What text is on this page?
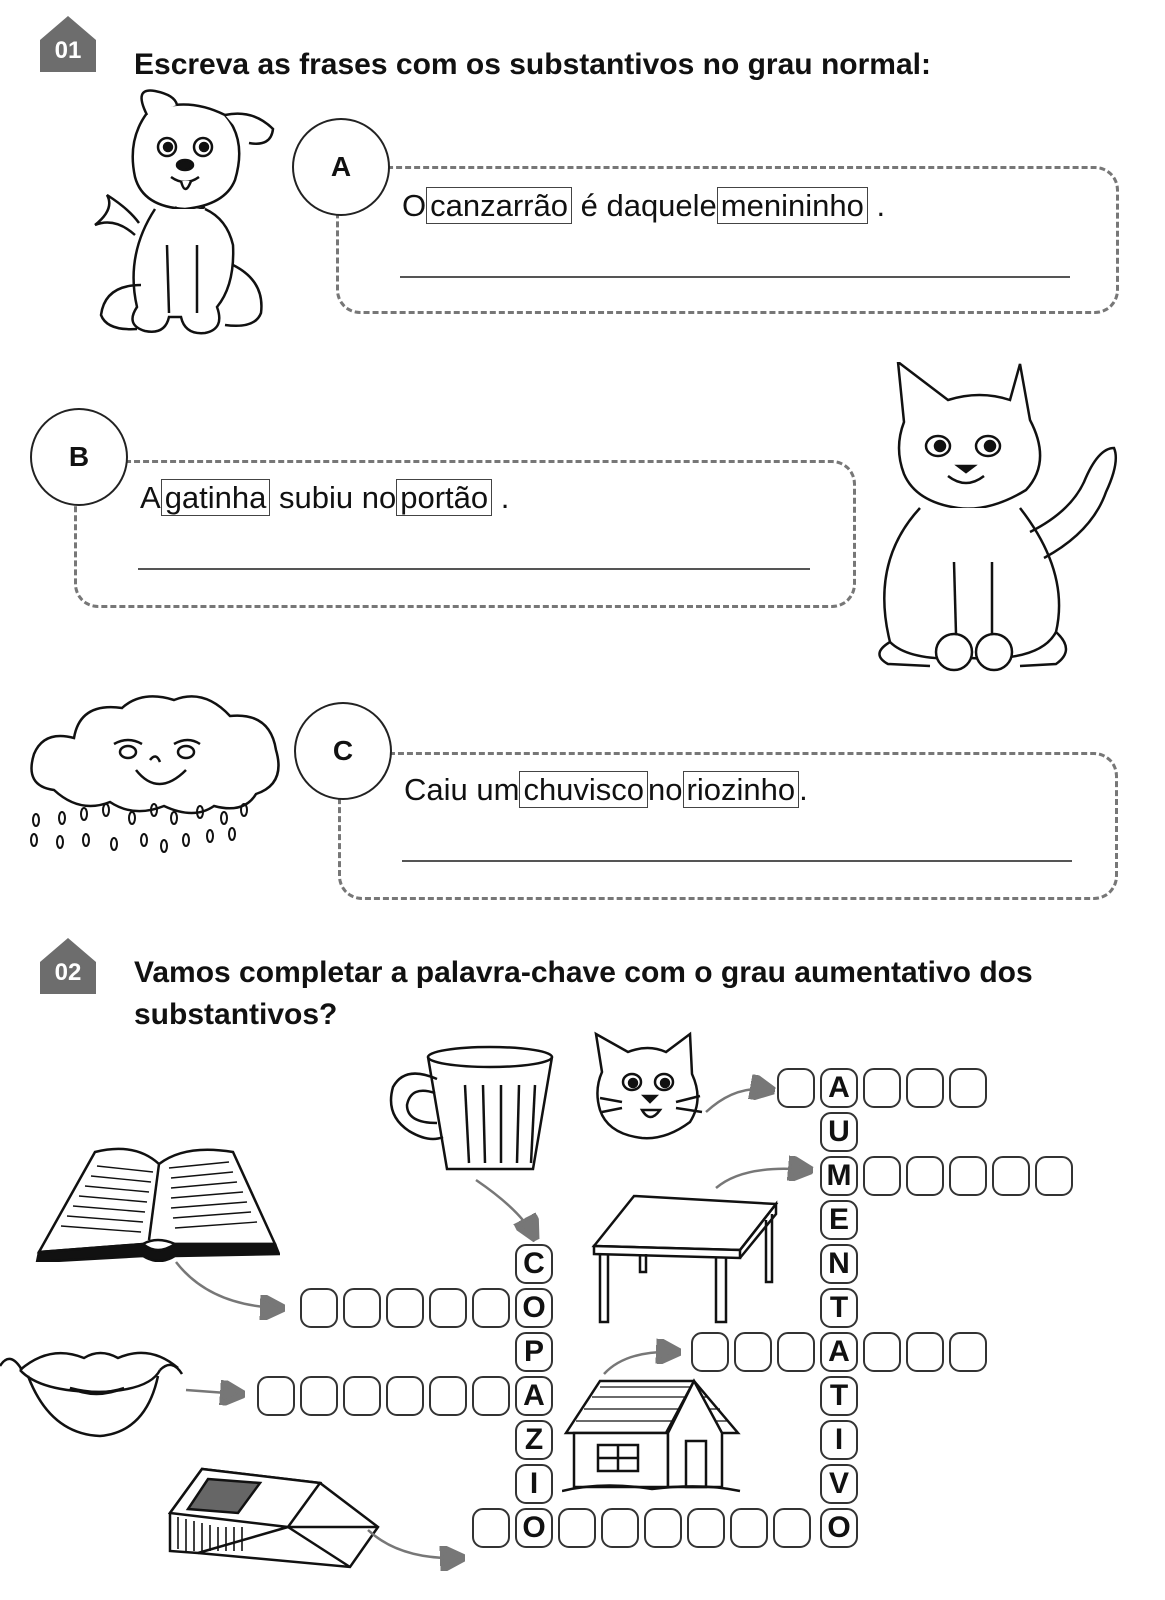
01	Escreva as frases com os substantivos no grau normal:
A
O canzarrão é daquele menininho .
B
A gatinha subiu no portão .
C
Caiu um chuvisco no riozinho .
02	Vamos completar a palavra-chave com o grau aumentativo dos
substantivos?
A
U
M
E
N
T
A
T
I
V
O
C
O
P
A
Z
I
O
